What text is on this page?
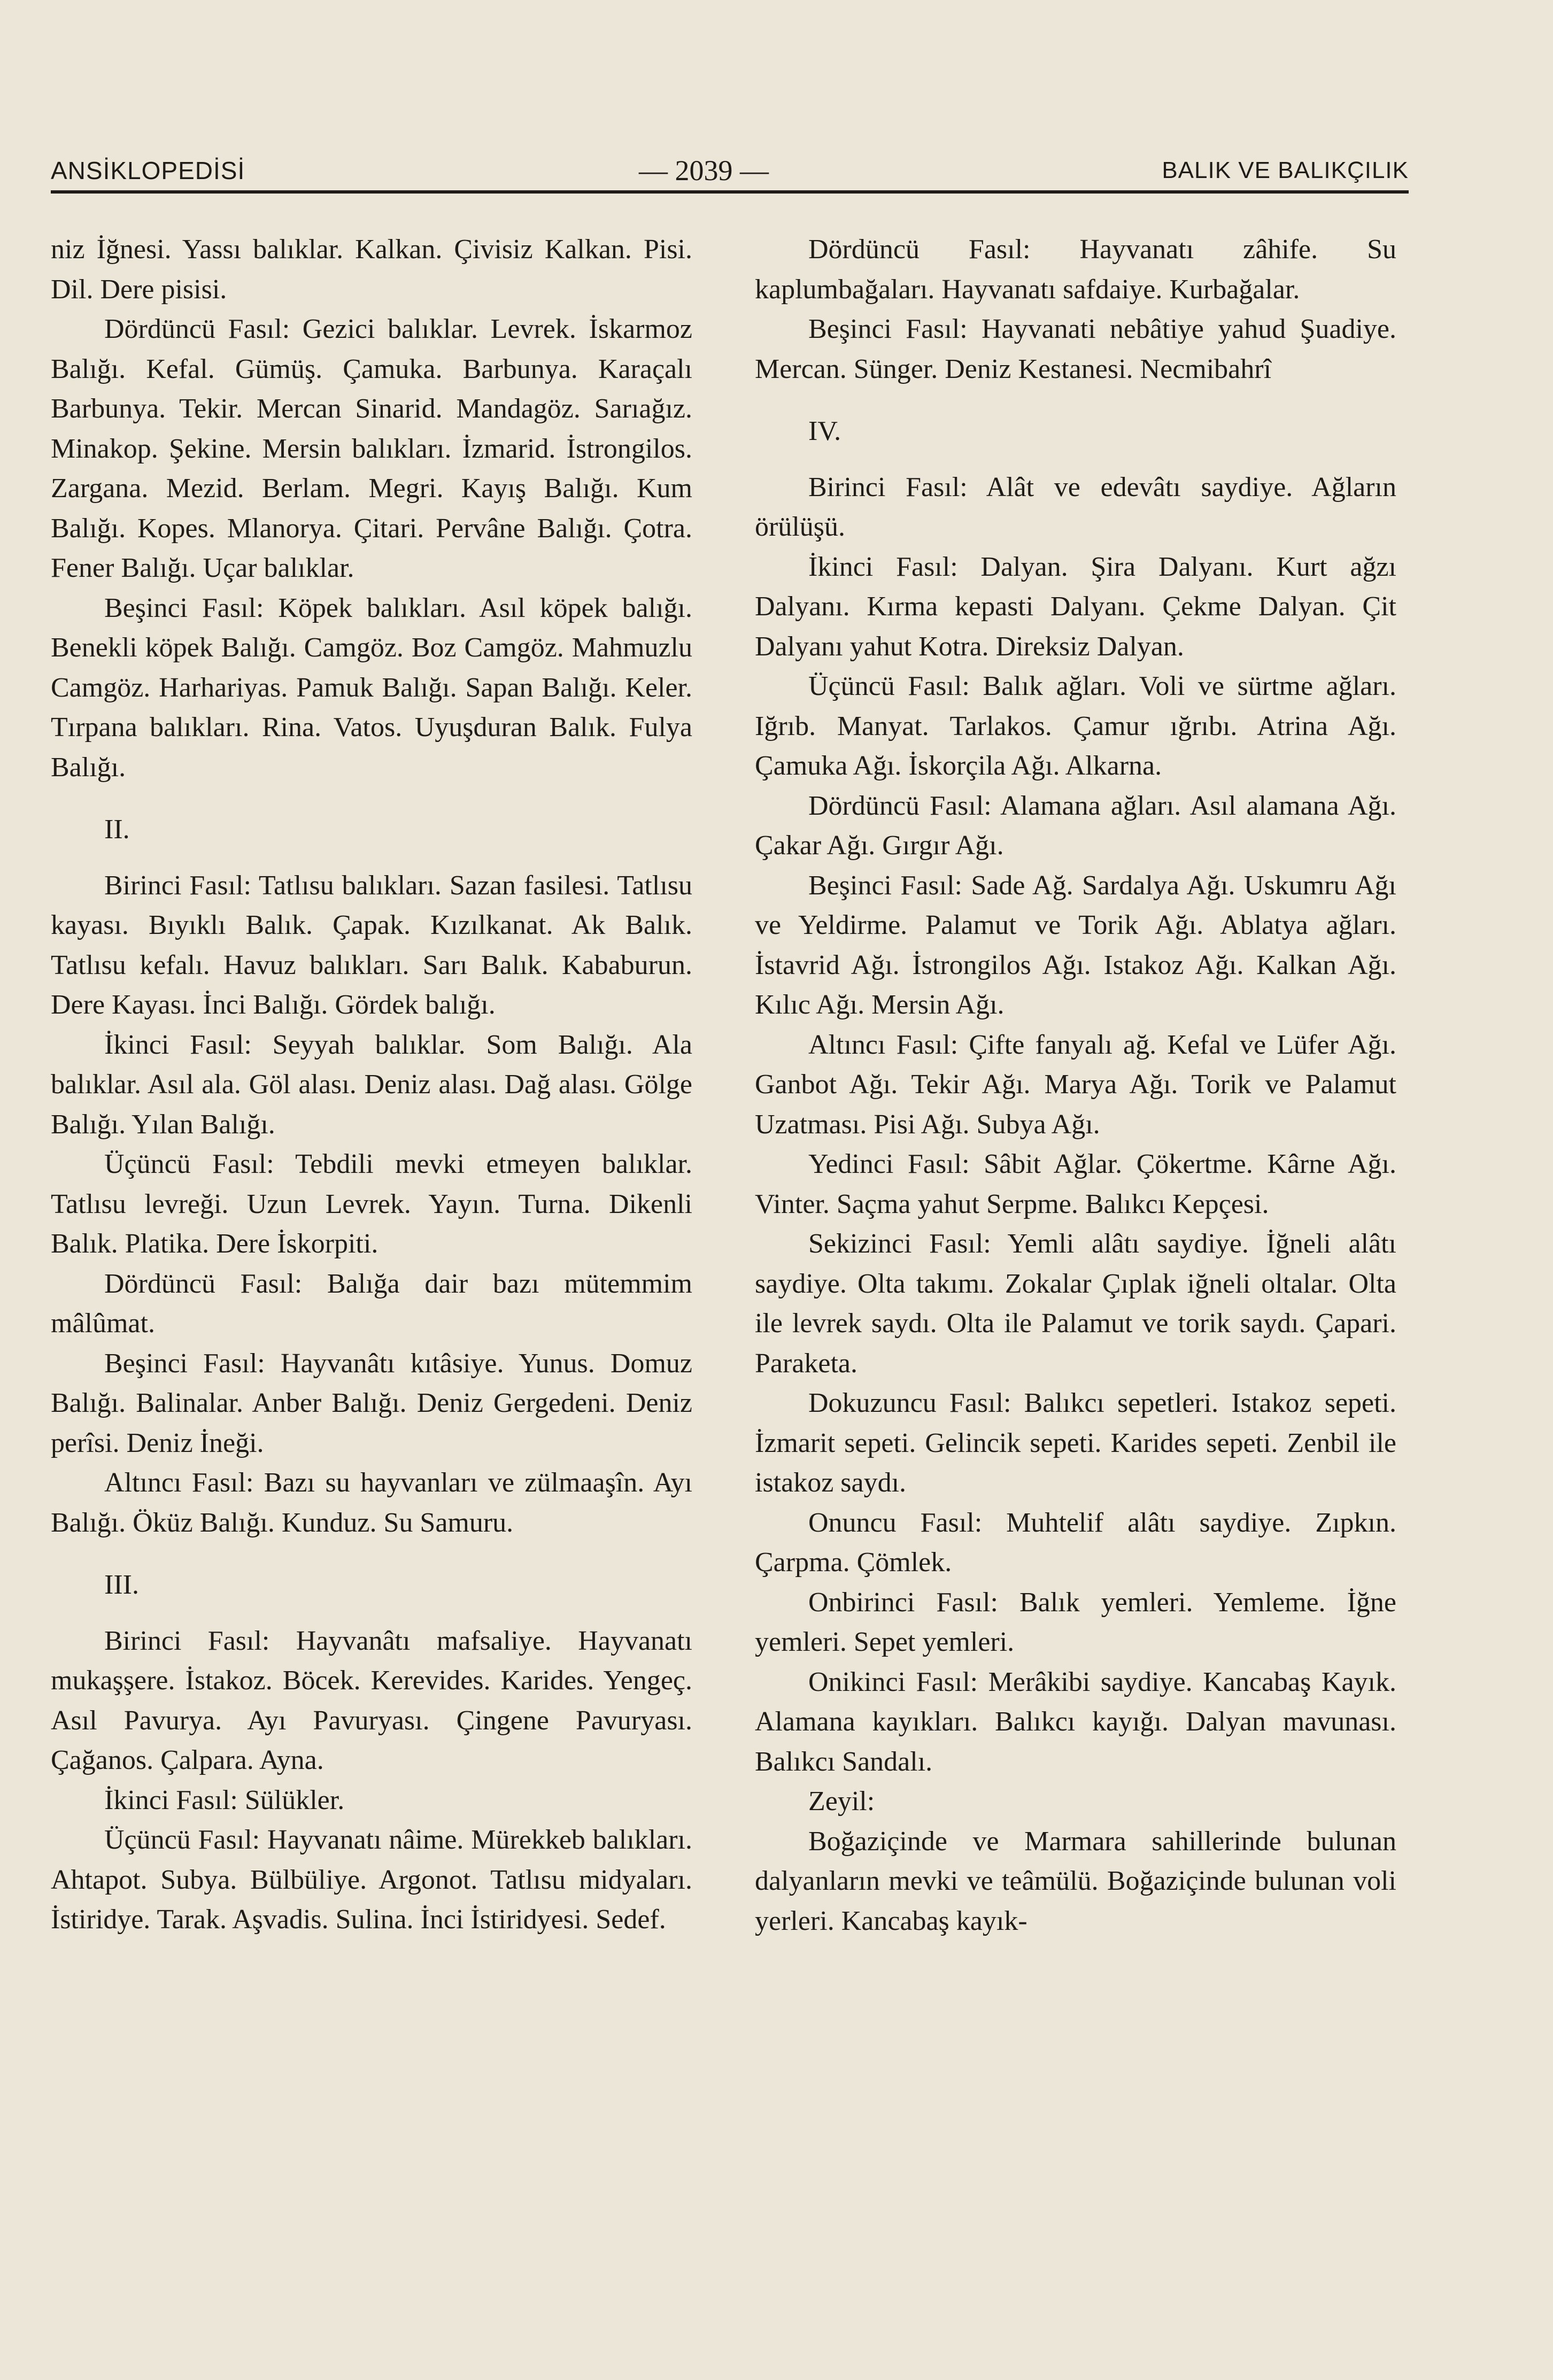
ANSİKLOPEDİSİ	— 2039 —	BALIK VE BALIKÇILIK

niz İğnesi. Yassı balıklar. Kalkan. Çivisiz Kalkan. Pisi. Dil. Dere pisisi.

Dördüncü Fasıl: Gezici balıklar. Levrek. İskarmoz Balığı. Kefal. Gümüş. Çamuka. Barbunya. Karaçalı Barbunya. Tekir. Mercan Sinarid. Mandagöz. Sarıağız. Minakop. Şekine. Mersin balıkları. İzmarid. İstrongilos. Zargana. Mezid. Berlam. Megri. Kayış Balığı. Kum Balığı. Kopes. Mlanorya. Çitari. Pervâne Balığı. Çotra. Fener Balığı. Uçar balıklar.

Beşinci Fasıl: Köpek balıkları. Asıl köpek balığı. Benekli köpek Balığı. Camgöz. Boz Camgöz. Mahmuzlu Camgöz. Harhariyas. Pamuk Balığı. Sapan Balığı. Keler. Tırpana balıkları. Rina. Vatos. Uyuşduran Balık. Fulya Balığı.

II.

Birinci Fasıl: Tatlısu balıkları. Sazan fasilesi. Tatlısu kayası. Bıyıklı Balık. Çapak. Kızılkanat. Ak Balık. Tatlısu kefalı. Havuz balıkları. Sarı Balık. Kababurun. Dere Kayası. İnci Balığı. Gördek balığı.

İkinci Fasıl: Seyyah balıklar. Som Balığı. Ala balıklar. Asıl ala. Göl alası. Deniz alası. Dağ alası. Gölge Balığı. Yılan Balığı.

Üçüncü Fasıl: Tebdili mevki etmeyen balıklar. Tatlısu levreği. Uzun Levrek. Yayın. Turna. Dikenli Balık. Platika. Dere İskorpiti.

Dördüncü Fasıl: Balığa dair bazı mütemmim mâlûmat.

Beşinci Fasıl: Hayvanâtı kıtâsiye. Yunus. Domuz Balığı. Balinalar. Anber Balığı. Deniz Gergedeni. Deniz perîsi. Deniz İneği.

Altıncı Fasıl: Bazı su hayvanları ve zülmaaşîn. Ayı Balığı. Öküz Balığı. Kunduz. Su Samuru.

III.

Birinci Fasıl: Hayvanâtı mafsaliye. Hayvanatı mukaşşere. İstakoz. Böcek. Kerevides. Karides. Yengeç. Asıl Pavurya. Ayı Pavuryası. Çingene Pavuryası. Çağanos. Çalpara. Ayna.

İkinci Fasıl: Sülükler.

Üçüncü Fasıl: Hayvanatı nâime. Mürekkeb balıkları. Ahtapot. Subya. Bülbüliye. Argonot. Tatlısu midyaları. İstiridye. Tarak. Aşvadis. Sulina. İnci İstiridyesi. Sedef.

Dördüncü Fasıl: Hayvanatı zâhife. Su kaplumbağaları. Hayvanatı safdaiye. Kurbağalar.

Beşinci Fasıl: Hayvanati nebâtiye yahud Şuadiye. Mercan. Sünger. Deniz Kestanesi. Necmibahrî

IV.

Birinci Fasıl: Alât ve edevâtı saydiye. Ağların örülüşü.

İkinci Fasıl: Dalyan. Şira Dalyanı. Kurt ağzı Dalyanı. Kırma kepasti Dalyanı. Çekme Dalyan. Çit Dalyanı yahut Kotra. Direksiz Dalyan.

Üçüncü Fasıl: Balık ağları. Voli ve sürtme ağları. Iğrıb. Manyat. Tarlakos. Çamur ığrıbı. Atrina Ağı. Çamuka Ağı. İskorçila Ağı. Alkarna.

Dördüncü Fasıl: Alamana ağları. Asıl alamana Ağı. Çakar Ağı. Gırgır Ağı.

Beşinci Fasıl: Sade Ağ. Sardalya Ağı. Uskumru Ağı ve Yeldirme. Palamut ve Torik Ağı. Ablatya ağları. İstavrid Ağı. İstrongilos Ağı. Istakoz Ağı. Kalkan Ağı. Kılıc Ağı. Mersin Ağı.

Altıncı Fasıl: Çifte fanyalı ağ. Kefal ve Lüfer Ağı. Ganbot Ağı. Tekir Ağı. Marya Ağı. Torik ve Palamut Uzatması. Pisi Ağı. Subya Ağı.

Yedinci Fasıl: Sâbit Ağlar. Çökertme. Kârne Ağı. Vinter. Saçma yahut Serpme. Balıkcı Kepçesi.

Sekizinci Fasıl: Yemli alâtı saydiye. İğneli alâtı saydiye. Olta takımı. Zokalar Çıplak iğneli oltalar. Olta ile levrek saydı. Olta ile Palamut ve torik saydı. Çapari. Paraketa.

Dokuzuncu Fasıl: Balıkcı sepetleri. Istakoz sepeti. İzmarit sepeti. Gelincik sepeti. Karides sepeti. Zenbil ile istakoz saydı.

Onuncu Fasıl: Muhtelif alâtı saydiye. Zıpkın. Çarpma. Çömlek.

Onbirinci Fasıl: Balık yemleri. Yemleme. İğne yemleri. Sepet yemleri.

Onikinci Fasıl: Merâkibi saydiye. Kancabaş Kayık. Alamana kayıkları. Balıkcı kayığı. Dalyan mavunası. Balıkcı Sandalı.

Zeyil:

Boğaziçinde ve Marmara sahillerinde bulunan dalyanların mevki ve teâmülü. Boğaziçinde bulunan voli yerleri. Kancabaş kayık-
